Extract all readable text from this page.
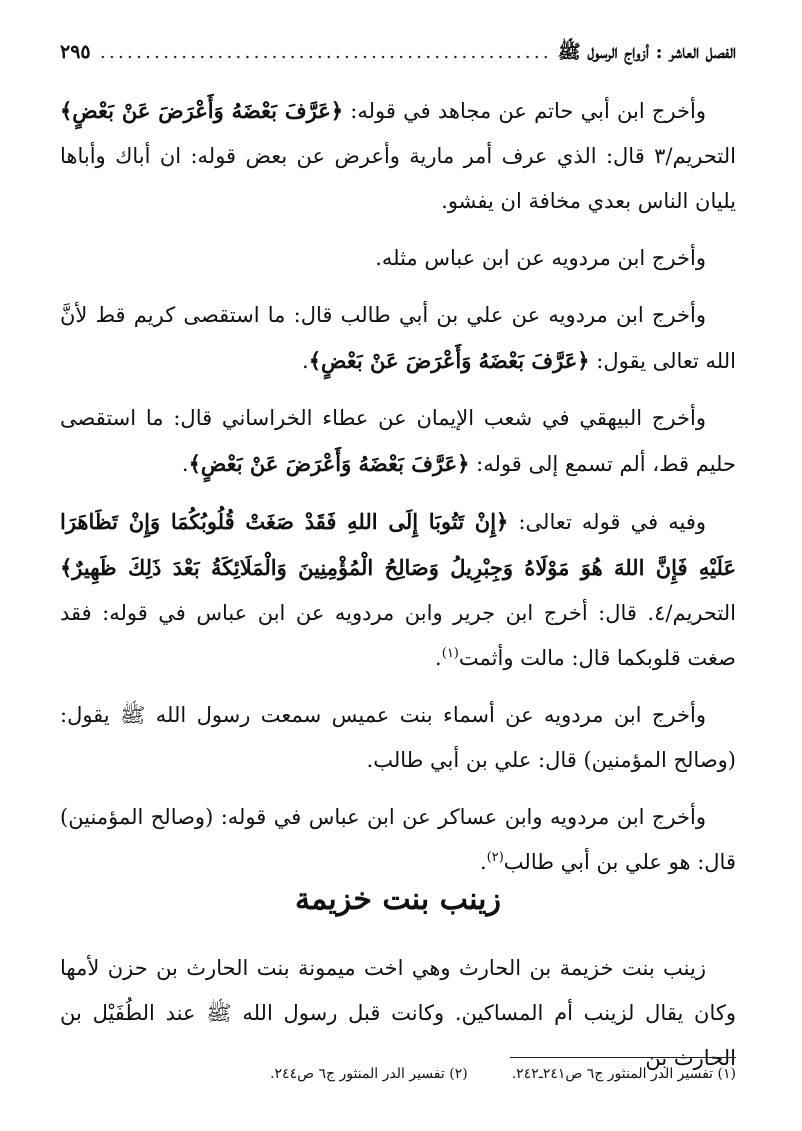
الفصل العاشر : أزواج الرسول ﷺ
.....
٢٩٥

وأخرج ابن أبي حاتم عن مجاهد في قوله: ﴿عَرَّفَ بَعْضَهُ وَأَعْرَضَ عَنْ بَعْضٍ﴾التحريم/٣ قال: الذي عرف أمر مارية وأعرض عن بعض قوله: ان أباك وأباها يليان الناس بعدي مخافة ان يفشو.

وأخرج ابن مردويه عن ابن عباس مثله.

وأخرج ابن مردويه عن علي بن أبي طالب قال: ما استقصى كريم قط لأنَّ الله تعالى يقول: ﴿عَرَّفَ بَعْضَهُ وَأَعْرَضَ عَنْ بَعْضٍ﴾.

وأخرج البيهقي في شعب الإيمان عن عطاء الخراساني قال: ما استقصى حليم قط، ألم تسمع إلى قوله: ﴿عَرَّفَ بَعْضَهُ وَأَعْرَضَ عَنْ بَعْضٍ﴾.

وفيه في قوله تعالى: ﴿إِنْ تَتُوبَا إِلَى اللهِ فَقَدْ صَغَتْ قُلُوبُكُمَا وَإِنْ تَظَاهَرَا عَلَيْهِ فَإِنَّ اللهَ هُوَ مَوْلَاهُ وَجِبْرِيلُ وَصَالِحُ الْمُؤْمِنِينَ وَالْمَلَائِكَةُ بَعْدَ ذَلِكَ ظَهِيرٌ﴾ التحريم/٤. قال: أخرج ابن جرير وابن مردويه عن ابن عباس في قوله: فقد صغت قلوبكما قال: مالت وأثمت$^{(١)}$.

وأخرج ابن مردويه عن أسماء بنت عميس سمعت رسول الله ﷺ يقول: (وصالح المؤمنين) قال: علي بن أبي طالب.

وأخرج ابن مردويه وابن عساكر عن ابن عباس في قوله: (وصالح المؤمنين) قال: هو علي بن أبي طالب$^{(٢)}$.

زينب بنت خزيمة

زينب بنت خزيمة بن الحارث وهي اخت ميمونة بنت الحارث بن حزن لأمها وكان يقال لزينب أم المساكين. وكانت قبل رسول الله ﷺ عند الطُفَيْل بن الحارث بن

(١) تفسير الدر المنثور ج٦ ص٢٤١ـ٢٤٢.
(٢) تفسير الدر المنثور ج٦ ص٢٤٤.
